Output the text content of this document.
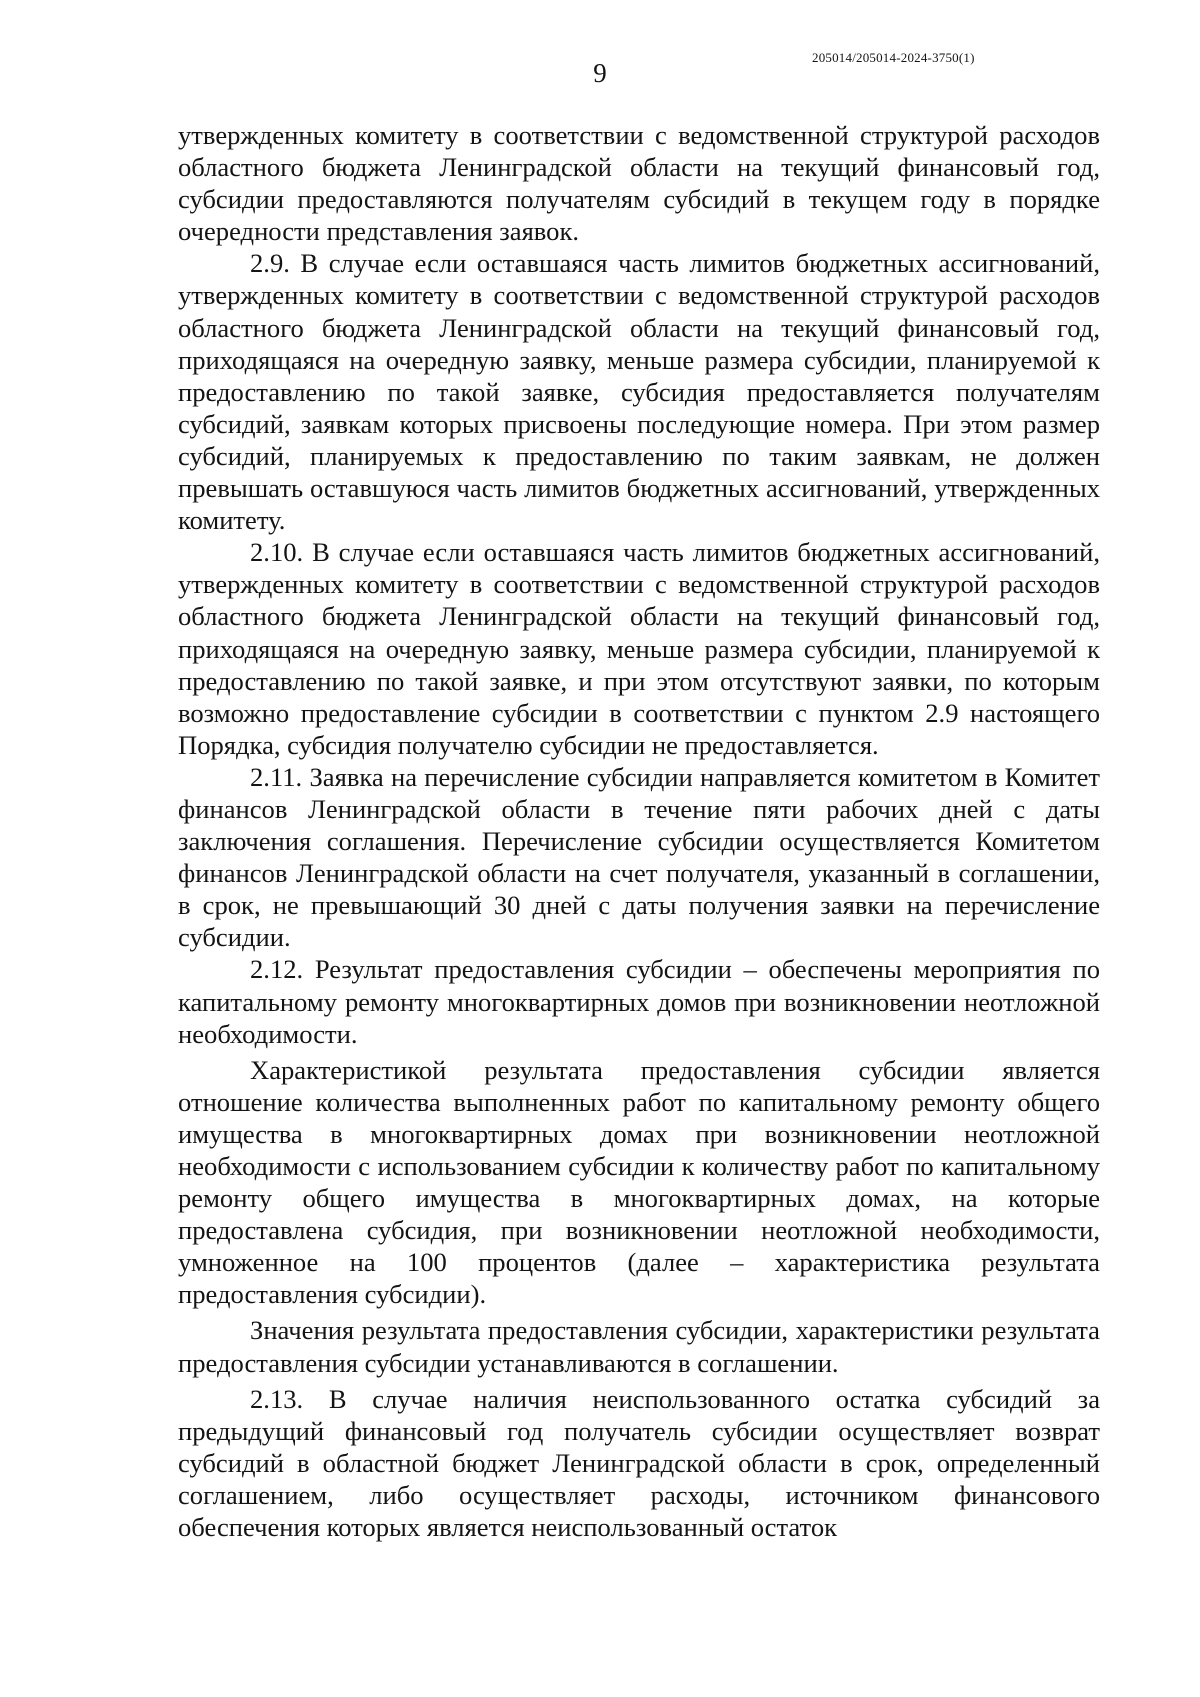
9
205014/205014-2024-3750(1)

утвержденных комитету в соответствии с ведомственной структурой расходов областного бюджета Ленинградской области на текущий финансовый год, субсидии предоставляются получателям субсидий в текущем году в порядке очередности представления заявок.

2.9. В случае если оставшаяся часть лимитов бюджетных ассигнований, утвержденных комитету в соответствии с ведомственной структурой расходов областного бюджета Ленинградской области на текущий финансовый год, приходящаяся на очередную заявку, меньше размера субсидии, планируемой к предоставлению по такой заявке, субсидия предоставляется получателям субсидий, заявкам которых присвоены последующие номера. При этом размер субсидий, планируемых к предоставлению по таким заявкам, не должен превышать оставшуюся часть лимитов бюджетных ассигнований, утвержденных комитету.

2.10. В случае если оставшаяся часть лимитов бюджетных ассигнований, утвержденных комитету в соответствии с ведомственной структурой расходов областного бюджета Ленинградской области на текущий финансовый год, приходящаяся на очередную заявку, меньше размера субсидии, планируемой к предоставлению по такой заявке, и при этом отсутствуют заявки, по которым возможно предоставление субсидии в соответствии с пунктом 2.9 настоящего Порядка, субсидия получателю субсидии не предоставляется.

2.11. Заявка на перечисление субсидии направляется комитетом в Комитет финансов Ленинградской области в течение пяти рабочих дней с даты заключения соглашения. Перечисление субсидии осуществляется Комитетом финансов Ленинградской области на счет получателя, указанный в соглашении, в срок, не превышающий 30 дней с даты получения заявки на перечисление субсидии.

2.12. Результат предоставления субсидии – обеспечены мероприятия по капитальному ремонту многоквартирных домов при возникновении неотложной необходимости.

Характеристикой результата предоставления субсидии является отношение количества выполненных работ по капитальному ремонту общего имущества в многоквартирных домах при возникновении неотложной необходимости с использованием субсидии к количеству работ по капитальному ремонту общего имущества в многоквартирных домах, на которые предоставлена субсидия, при возникновении неотложной необходимости, умноженное на 100 процентов (далее – характеристика результата предоставления субсидии).

Значения результата предоставления субсидии, характеристики результата предоставления субсидии устанавливаются в соглашении.

2.13. В случае наличия неиспользованного остатка субсидий за предыдущий финансовый год получатель субсидии осуществляет возврат субсидий в областной бюджет Ленинградской области в срок, определенный соглашением, либо осуществляет расходы, источником финансового обеспечения которых является неиспользованный остаток
